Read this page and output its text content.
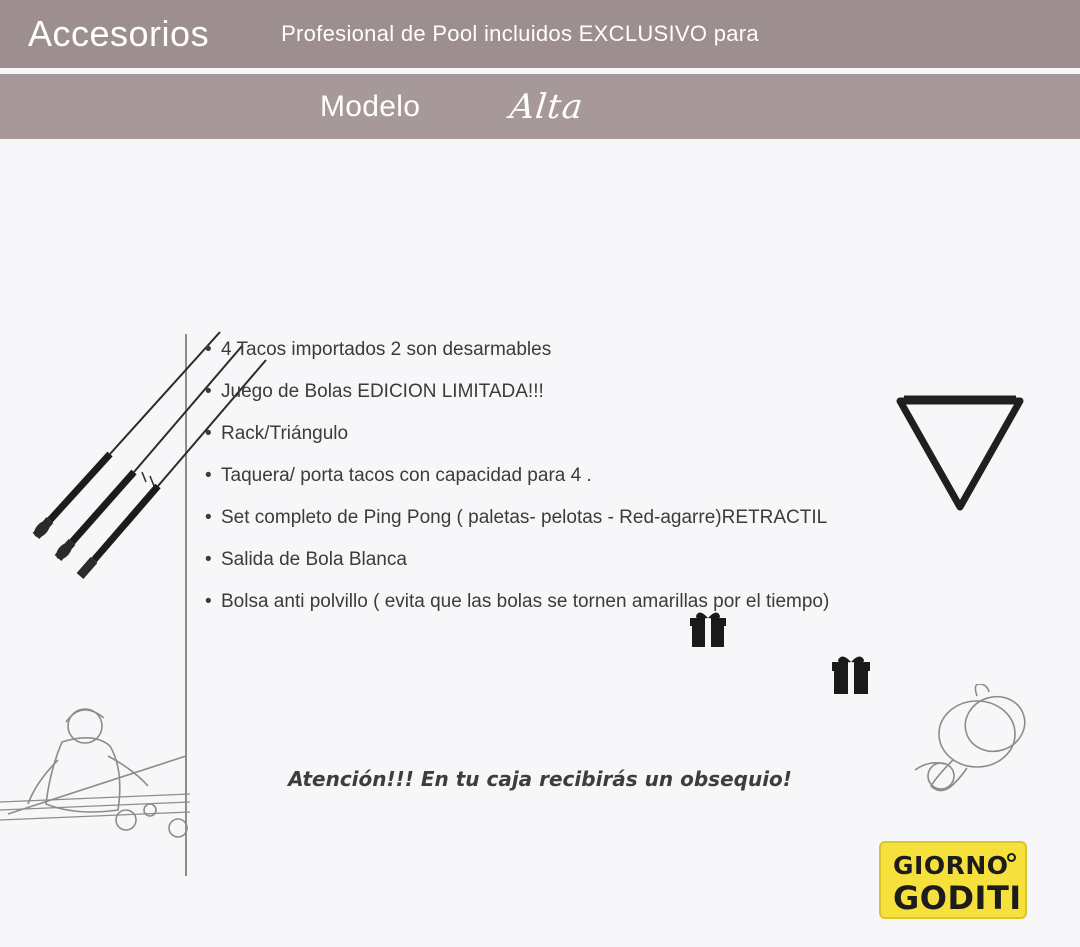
Accesorios	Profesional de Pool incluidos EXCLUSIVO para
Modelo	Alta
• 4 Tacos importados 2 son desarmables
• Juego de Bolas EDICION LIMITADA!!!
• Rack/Triángulo
• Taquera/ porta tacos con capacidad para 4 .
• Set completo de Ping Pong ( paletas- pelotas - Red-agarre)RETRACTIL
• Salida de Bola Blanca
• Bolsa anti polvillo ( evita que las bolas se tornen amarillas por el tiempo)
Atención!!! En tu caja recibirás un obsequio!
GIORNO
GODITI
